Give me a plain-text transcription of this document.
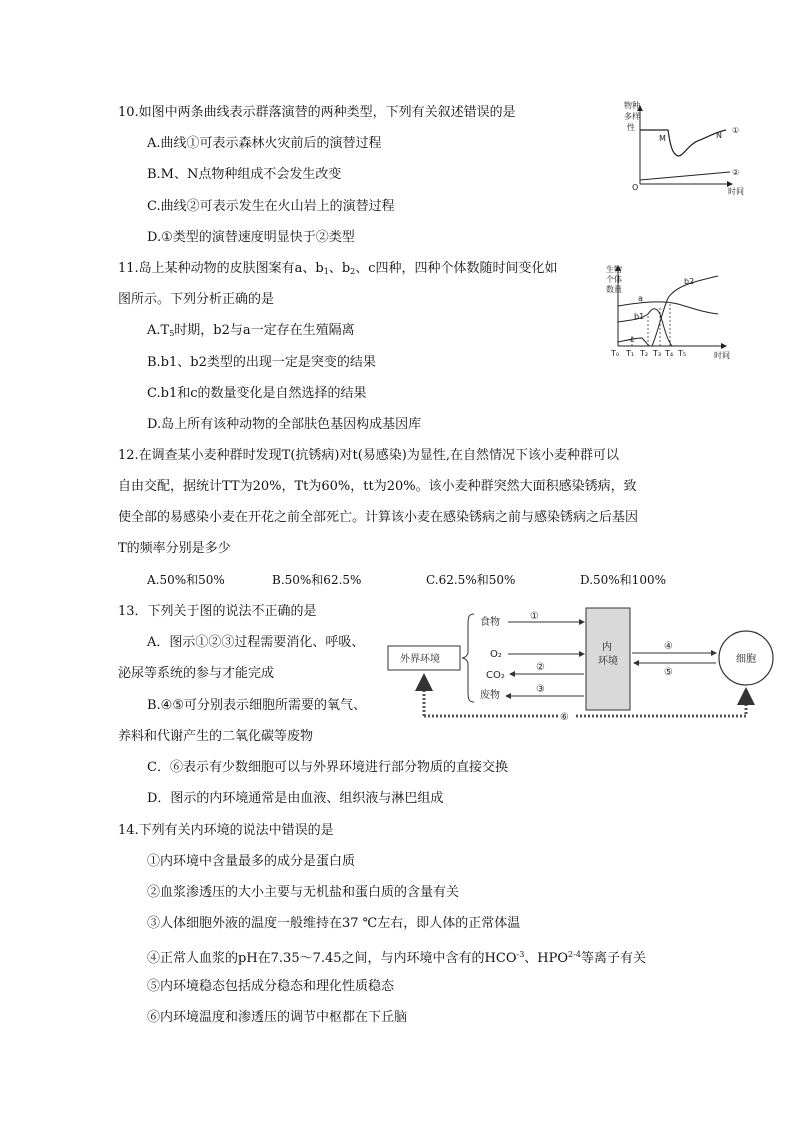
10.如图中两条曲线表示群落演替的两种类型，下列有关叙述错误的是
A.曲线①可表示森林火灾前后的演替过程
B.M、N点物种组成不会发生改变
C.曲线②可表示发生在火山岩上的演替过程
D.①类型的演替速度明显快于②类型
物种
多样
性
O	时间
M	N
①
②
11.岛上某种动物的皮肤图案有a、$b_1$、$b_2$、c四种，四种个体数随时间变化如
图所示。下列分析正确的是
$A.T_5$时期，b2与a一定存在生殖隔离
B.b1、b2类型的出现一定是突变的结果
C.b1和c的数量变化是自然选择的结果
D.岛上所有该种动物的全部肤色基因构成基因库
生物
个体
数量
a
b1
b2
c
T₀ T₁ T₂ T₃ T₄ T₅	时间
12.在调查某小麦种群时发现T(抗锈病)对t(易感染)为显性,在自然情况下该小麦种群可以
自由交配，据统计TT为20%，Tt为60%，tt为20%。该小麦种群突然大面积感染锈病，致
使全部的易感染小麦在开花之前全部死亡。计算该小麦在感染锈病之前与感染锈病之后基因
T的频率分别是多少
A.50%和50%	B.50%和62.5%	C.62.5%和50%	D.50%和100%
13．下列关于图的说法不正确的是
A．图示①②③过程需要消化、呼吸、
泌尿等系统的参与才能完成
B.④⑤可分别表示细胞所需要的氧气、
养料和代谢产生的二氧化碳等废物
C．⑥表示有少数细胞可以与外界环境进行部分物质的直接交换
D．图示的内环境通常是由血液、组织液与淋巴组成
外界环境
食物
O₂
CO₂
废物
①
②
③
内
环境
④
⑤
细胞
⑥
14.下列有关内环境的说法中错误的是
①内环境中含量最多的成分是蛋白质
②血浆渗透压的大小主要与无机盐和蛋白质的含量有关
③人体细胞外液的温度一般维持在37 ℃左右，即人体的正常体温
④正常人血浆的pH在7.35～7.45之间，与内环境中含有的$HCO^{-3}$、HPO$^{2-4}$等离子有关
⑤内环境稳态包括成分稳态和理化性质稳态
⑥内环境温度和渗透压的调节中枢都在下丘脑
